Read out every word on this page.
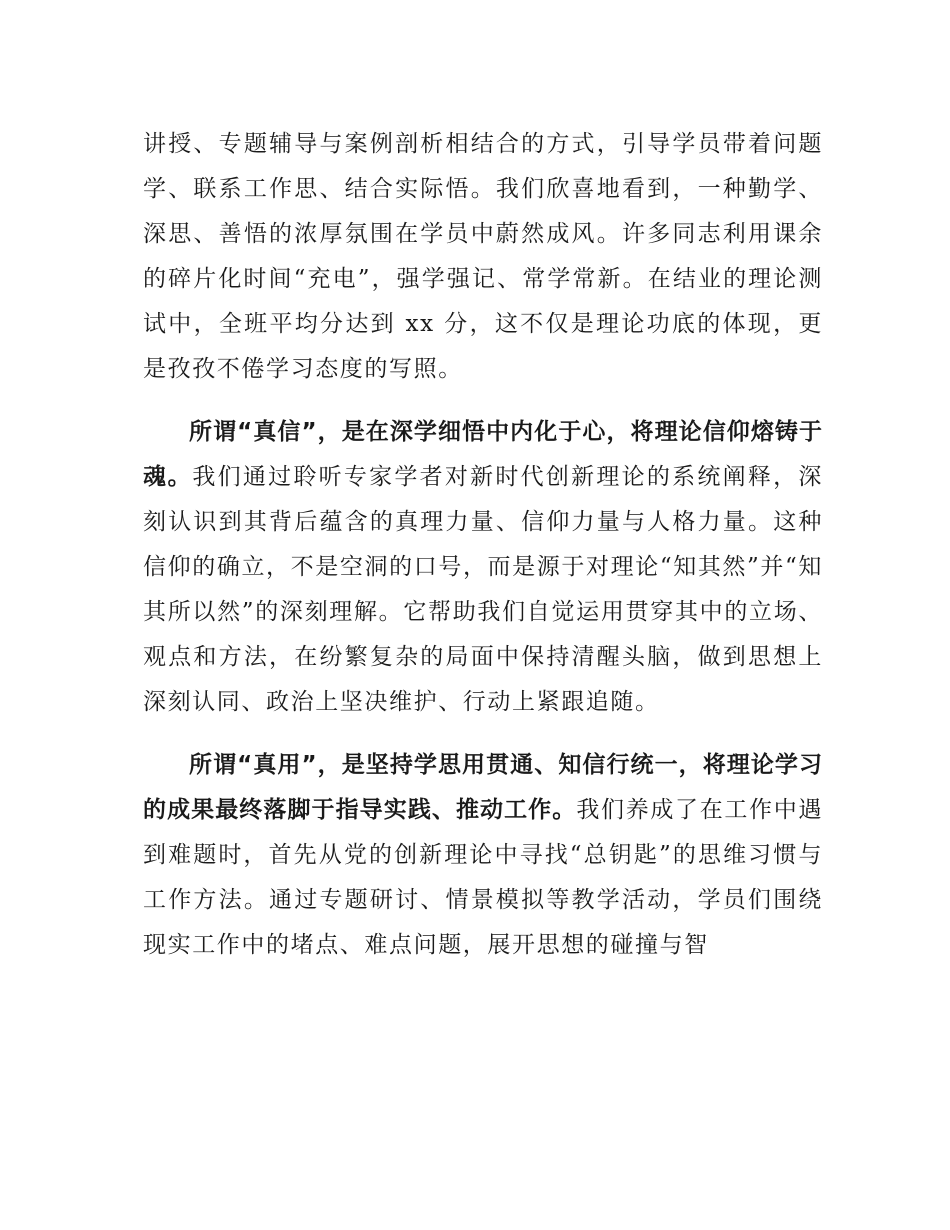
讲授、专题辅导与案例剖析相结合的方式，引导学员带着问题学、联系工作思、结合实际悟。我们欣喜地看到，一种勤学、深思、善悟的浓厚氛围在学员中蔚然成风。许多同志利用课余的碎片化时间“充电”，强学强记、常学常新。在结业的理论测试中，全班平均分达到 xx 分，这不仅是理论功底的体现，更是孜孜不倦学习态度的写照。

所谓“真信”，是在深学细悟中内化于心，将理论信仰熔铸于魂。我们通过聆听专家学者对新时代创新理论的系统阐释，深刻认识到其背后蕴含的真理力量、信仰力量与人格力量。这种信仰的确立，不是空洞的口号，而是源于对理论“知其然”并“知其所以然”的深刻理解。它帮助我们自觉运用贯穿其中的立场、观点和方法，在纷繁复杂的局面中保持清醒头脑，做到思想上深刻认同、政治上坚决维护、行动上紧跟追随。

所谓“真用”，是坚持学思用贯通、知信行统一，将理论学习的成果最终落脚于指导实践、推动工作。我们养成了在工作中遇到难题时，首先从党的创新理论中寻找“总钥匙”的思维习惯与工作方法。通过专题研讨、情景模拟等教学活动，学员们围绕现实工作中的堵点、难点问题，展开思想的碰撞与智
